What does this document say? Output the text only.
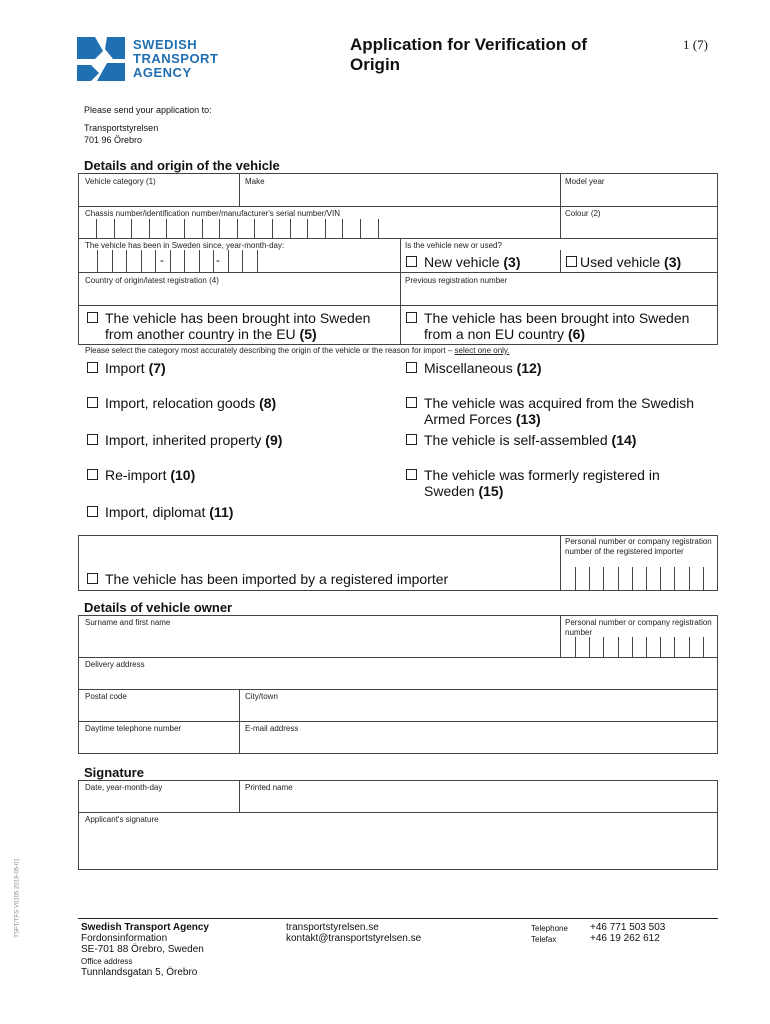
SWEDISH
TRANSPORT
AGENCY
Application for Verification of Origin
1 (7)
Please send your application to:
Transportstyrelsen
701 96 Örebro
Details and origin of the vehicle
Vehicle category (1)	Make	Model year
Chassis number/identification number/manufacturer's serial number/VIN	Colour (2)
The vehicle has been in Sweden since, year-month-day:
-	-
Is the vehicle new or used?
New vehicle (3)	Used vehicle (3)
Country of origin/latest registration (4)	Previous registration number
The vehicle has been brought into Sweden
from another country in the EU (5)
The vehicle has been brought into Sweden
from a non EU country (6)
Please select the category most accurately describing the origin of the vehicle or the reason for import – select one only.
Import (7)	Miscellaneous (12)
Import, relocation goods (8)	The vehicle was acquired from the Swedish
Armed Forces (13)
Import, inherited property (9)	The vehicle is self-assembled (14)
Re-import (10)	The vehicle was formerly registered in
Sweden (15)
Import, diplomat (11)
Personal number or company registration number of the registered importer
The vehicle has been imported by a registered importer
Details of vehicle owner
Surname and first name	Personal number or company registration number
Delivery address
Postal code	City/town
Daytime telephone number	E-mail address
Signature
Date, year-month-day	Printed name
Applicant's signature
TSFT/TFS V0105 2019-05-01	Swedish Transport Agency
Fordonsinformation
SE-701 88 Örebro, Sweden
Office address
Tunnlandsgatan 5, Örebro
transportstyrelsen.se
kontakt@transportstyrelsen.se
Telephone +46 771 503 503
Telefax	+46 19 262 612
